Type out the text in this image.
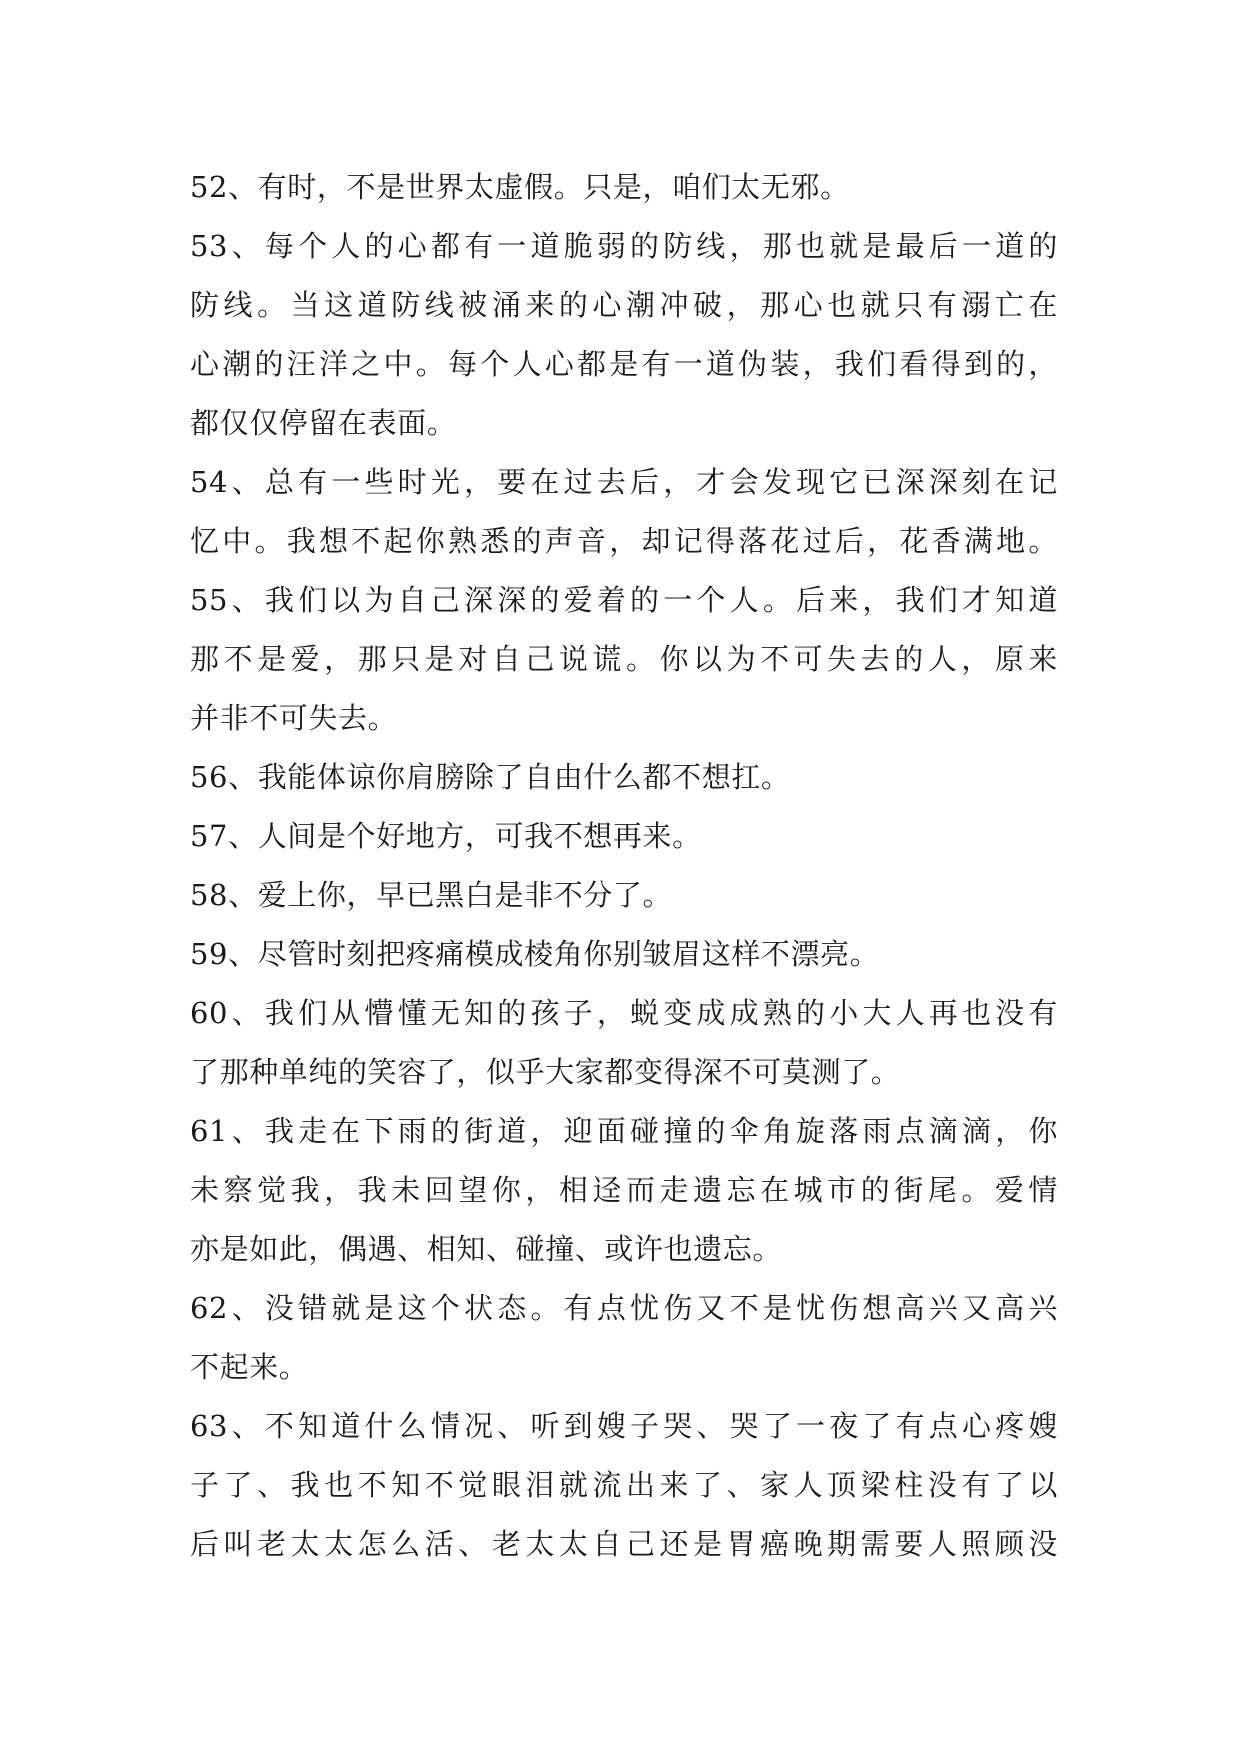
52、有时，不是世界太虚假。只是，咱们太无邪。
53、每个人的心都有一道脆弱的防线，那也就是最后一道的
防线。当这道防线被涌来的心潮冲破，那心也就只有溺亡在
心潮的汪洋之中。每个人心都是有一道伪装，我们看得到的，
都仅仅停留在表面。
54、总有一些时光，要在过去后，才会发现它已深深刻在记
忆中。我想不起你熟悉的声音，却记得落花过后，花香满地。
55、我们以为自己深深的爱着的一个人。后来，我们才知道
那不是爱，那只是对自己说谎。你以为不可失去的人，原来
并非不可失去。
56、我能体谅你肩膀除了自由什么都不想扛。
57、人间是个好地方，可我不想再来。
58、爱上你，早已黑白是非不分了。
59、尽管时刻把疼痛模成棱角你别皱眉这样不漂亮。
60、我们从懵懂无知的孩子，蜕变成成熟的小大人再也没有
了那种单纯的笑容了，似乎大家都变得深不可莫测了。
61、我走在下雨的街道，迎面碰撞的伞角旋落雨点滴滴，你
未察觉我，我未回望你，相迳而走遗忘在城市的街尾。爱情
亦是如此，偶遇、相知、碰撞、或许也遗忘。
62、没错就是这个状态。有点忧伤又不是忧伤想高兴又高兴
不起来。
63、不知道什么情况、听到嫂子哭、哭了一夜了有点心疼嫂
子了、我也不知不觉眼泪就流出来了、家人顶梁柱没有了以
后叫老太太怎么活、老太太自己还是胃癌晚期需要人照顾没
